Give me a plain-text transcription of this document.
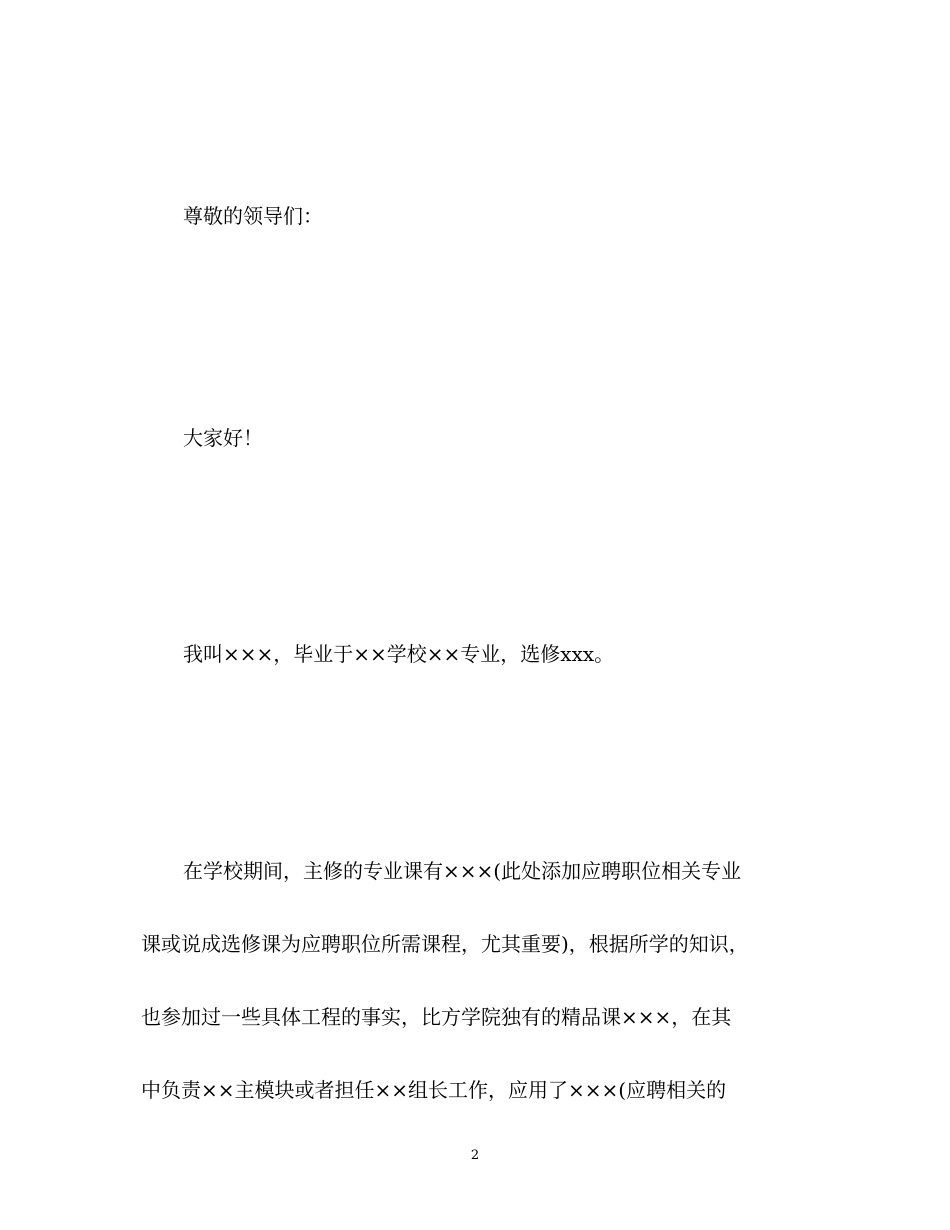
尊敬的领导们：
大家好！
我叫×××，毕业于××学校××专业，选修xxx。
在学校期间，主修的专业课有×××(此处添加应聘职位相关专业
课或说成选修课为应聘职位所需课程，尤其重要)，根据所学的知识，
也参加过一些具体工程的事实，比方学院独有的精品课×××，在其
中负责××主模块或者担任××组长工作，应用了×××(应聘相关的
2
